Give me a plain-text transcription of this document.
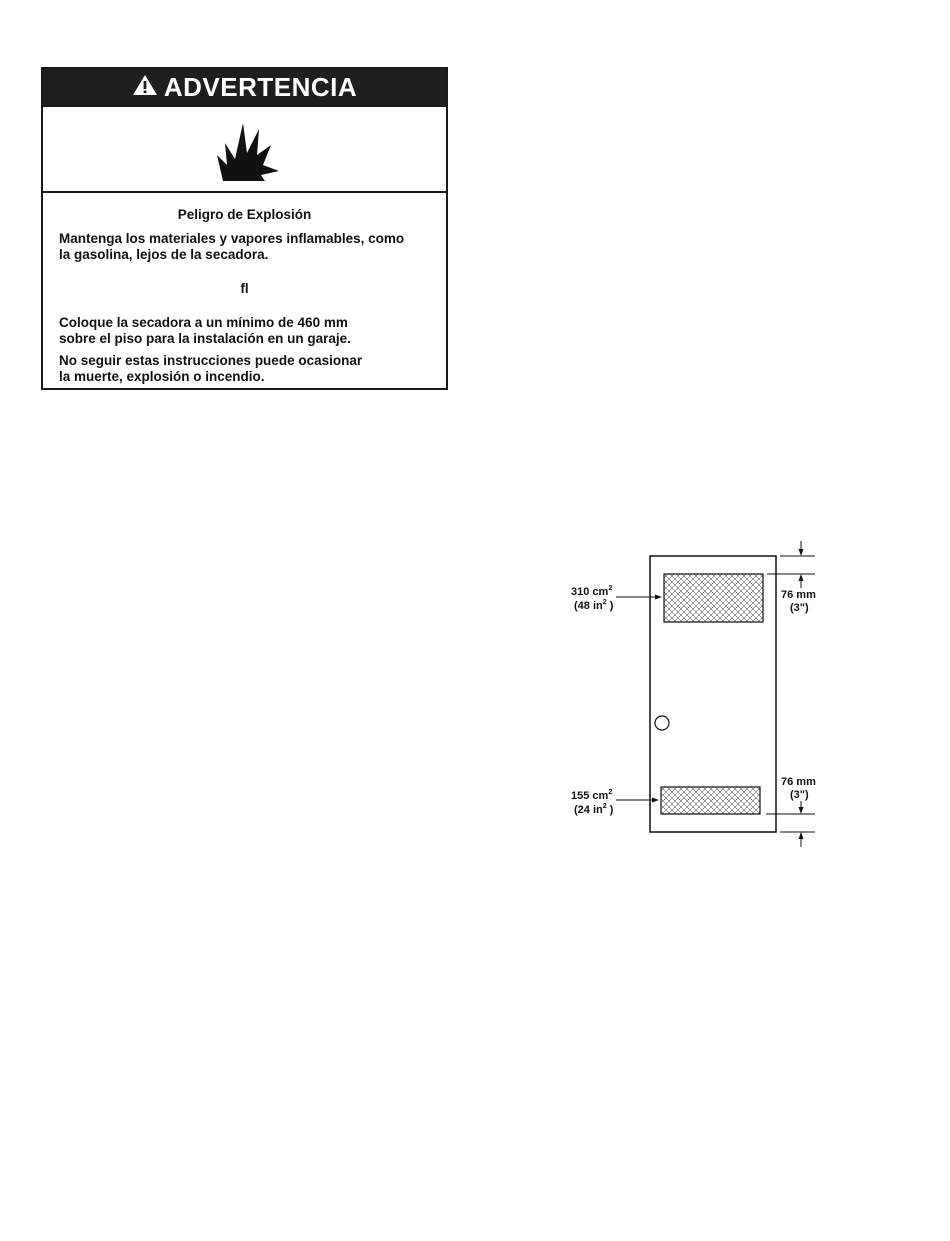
ADVERTENCIA

Peligro de Explosión

Mantenga los materiales y vapores inflamables, como

la gasolina, lejos de la secadora.

fl

Coloque la secadora a un mínimo de 460 mm

sobre el piso para la instalación en un garaje.

No seguir estas instrucciones puede ocasionar

la muerte, explosión o incendio.

310 $cm^2$
(48 $in^2$ )
155 $cm^2$
(24 $in^2$ )
76 mm
(3")
76 mm
(3")
